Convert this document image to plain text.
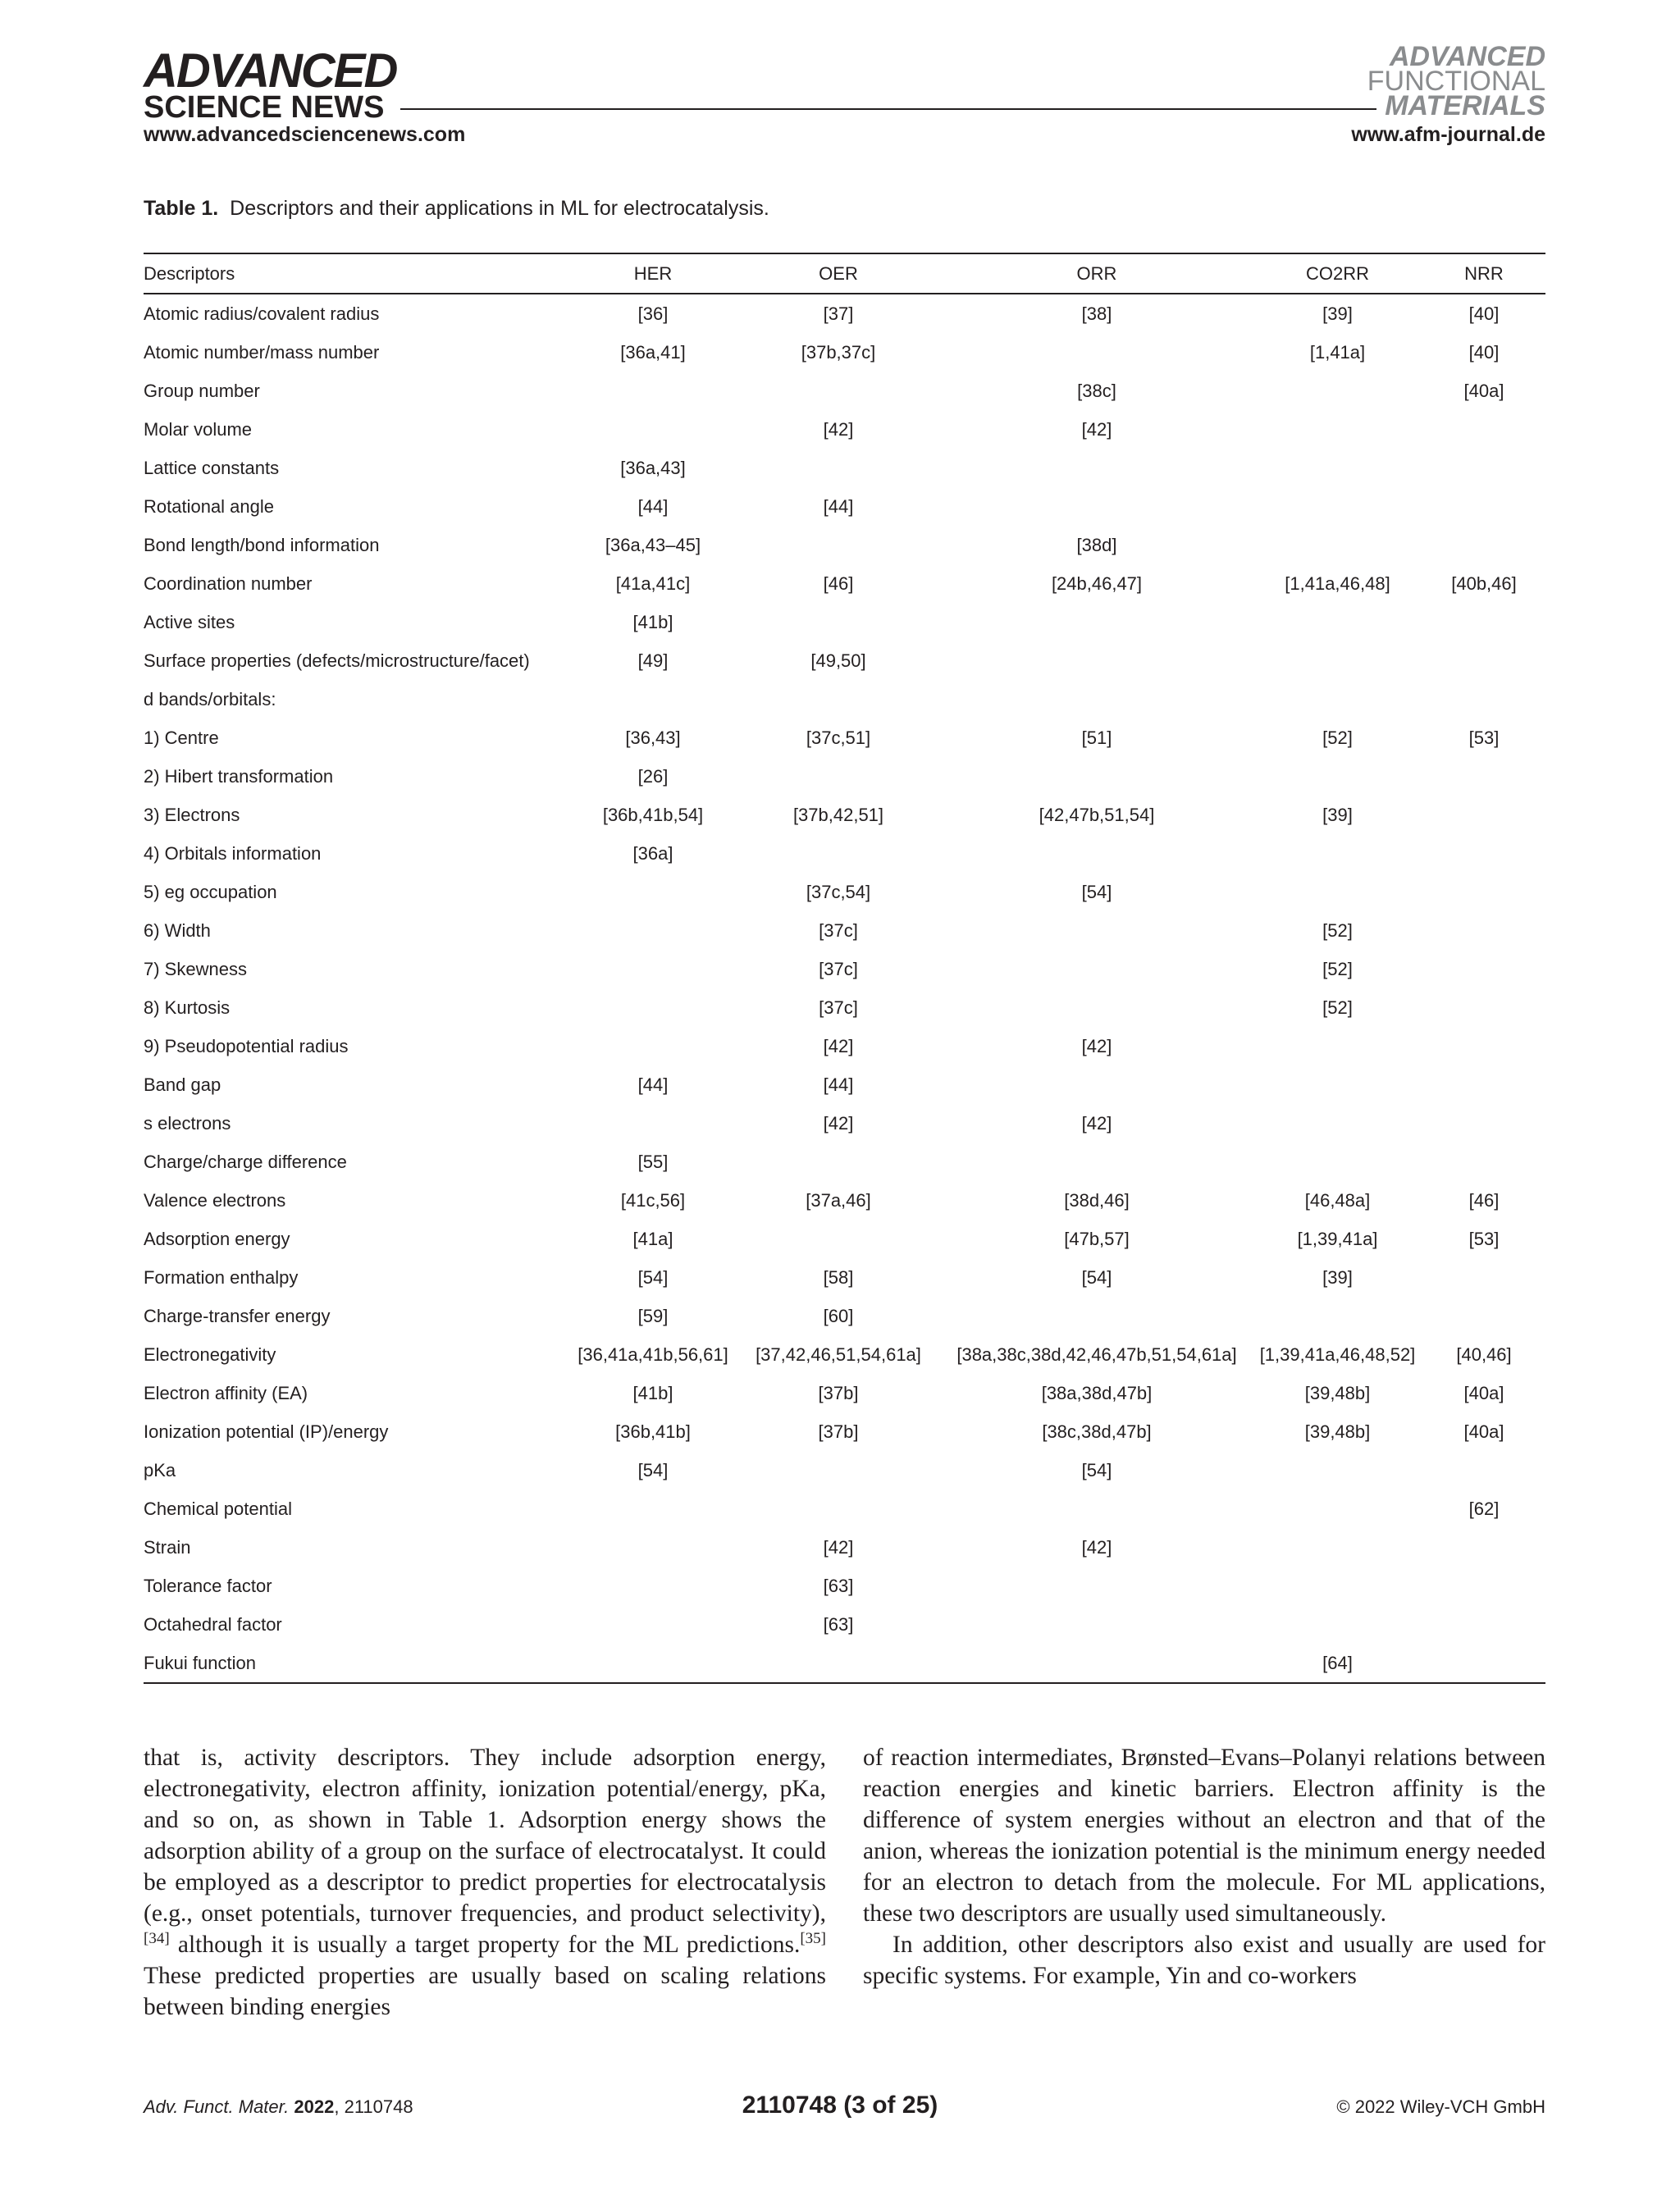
ADVANCED
SCIENCE NEWS
ADVANCED
FUNCTIONAL
MATERIALS
www.advancedsciencenews.com	www.afm-journal.de
Table 1. Descriptors and their applications in ML for electrocatalysis.
Descriptors	HER	OER	ORR	CO2RR	NRR
Atomic radius/covalent radius	[36]	[37]	[38]	[39]	[40]
Atomic number/mass number	[36a,41]	[37b,37c]		[1,41a]	[40]
Group number			[38c]		[40a]
Molar volume		[42]	[42]		
Lattice constants	[36a,43]				
Rotational angle	[44]	[44]			
Bond length/bond information	[36a,43–45]		[38d]		
Coordination number	[41a,41c]	[46]	[24b,46,47]	[1,41a,46,48]	[40b,46]
Active sites	[41b]				
Surface properties (defects/microstructure/facet)	[49]	[49,50]			
d bands/orbitals:					
1) Centre	[36,43]	[37c,51]	[51]	[52]	[53]
2) Hibert transformation	[26]				
3) Electrons	[36b,41b,54]	[37b,42,51]	[42,47b,51,54]	[39]	
4) Orbitals information	[36a]				
5) eg occupation		[37c,54]	[54]		
6) Width		[37c]		[52]	
7) Skewness		[37c]		[52]	
8) Kurtosis		[37c]		[52]	
9) Pseudopotential radius		[42]	[42]		
Band gap	[44]	[44]			
s electrons		[42]	[42]		
Charge/charge difference	[55]				
Valence electrons	[41c,56]	[37a,46]	[38d,46]	[46,48a]	[46]
Adsorption energy	[41a]		[47b,57]	[1,39,41a]	[53]
Formation enthalpy	[54]	[58]	[54]	[39]	
Charge-transfer energy	[59]	[60]			
Electronegativity	[36,41a,41b,56,61]	[37,42,46,51,54,61a]	[38a,38c,38d,42,46,47b,51,54,61a]	[1,39,41a,46,48,52]	[40,46]
Electron affinity (EA)	[41b]	[37b]	[38a,38d,47b]	[39,48b]	[40a]
Ionization potential (IP)/energy	[36b,41b]	[37b]	[38c,38d,47b]	[39,48b]	[40a]
pKa	[54]		[54]		
Chemical potential					[62]
Strain		[42]	[42]		
Tolerance factor		[63]			
Octahedral factor		[63]			
Fukui function				[64]	

that is, activity descriptors. They include adsorption energy, electronegativity, electron affinity, ionization potential/energy, pKa, and so on, as shown in Table 1. Adsorption energy shows the adsorption ability of a group on the surface of electrocatalyst. It could be employed as a descriptor to predict properties for electrocatalysis (e.g., onset potentials, turnover frequencies, and product selectivity),[34] although it is usually a target property for the ML predictions.[35] These predicted properties are usually based on scaling relations between binding energies

of reaction intermediates, Brønsted–Evans–Polanyi relations between reaction energies and kinetic barriers. Electron affinity is the difference of system energies without an electron and that of the anion, whereas the ionization potential is the minimum energy needed for an electron to detach from the molecule. For ML applications, these two descriptors are usually used simultaneously.

In addition, other descriptors also exist and usually are used for specific systems. For example, Yin and co-workers

Adv. Funct. Mater. 2022, 2110748	2110748 (3 of 25)	© 2022 Wiley-VCH GmbH
